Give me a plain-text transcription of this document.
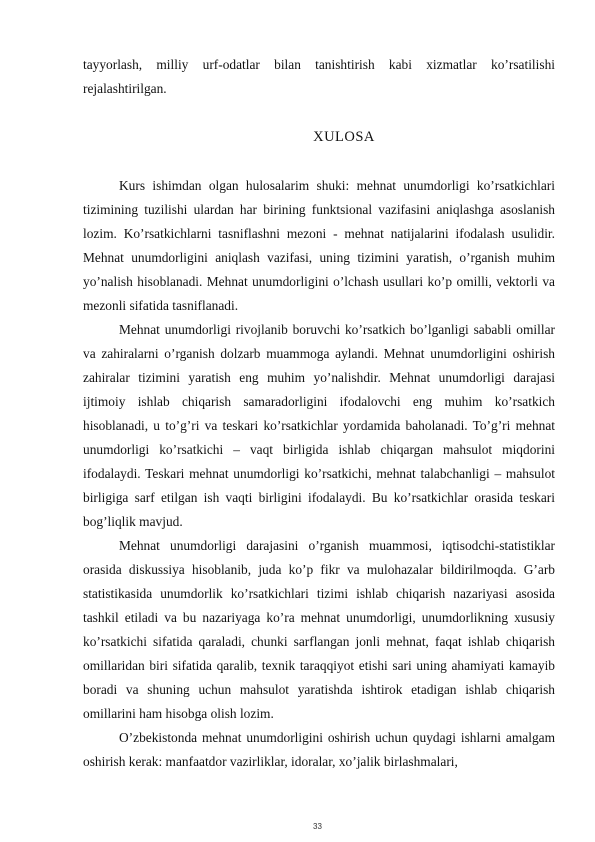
tayyorlash, milliy urf-odatlar bilan tanishtirish kabi xizmatlar ko’rsatilishi rejalashtirilgan.

XULOSA

Kurs ishimdan olgan hulosalarim shuki: mehnat unumdorligi ko’rsatkichlari tizimining tuzilishi ulardan har birining funktsional vazifasini aniqlashga asoslanish lozim. Ko’rsatkichlarni tasniflashni mezoni - mehnat natijalarini ifodalash usulidir. Mehnat unumdorligini aniqlash vazifasi, uning tizimini yaratish, o’rganish muhim yo’nalish hisoblanadi. Mehnat unumdorligini o’lchash usullari ko’p omilli, vektorli va mezonli sifatida tasniflanadi.

Mehnat unumdorligi rivojlanib boruvchi ko’rsatkich bo’lganligi sababli omillar va zahiralarni o’rganish dolzarb muammoga aylandi. Mehnat unumdorligini oshirish zahiralar tizimini yaratish eng muhim yo’nalishdir. Mehnat unumdorligi darajasi ijtimoiy ishlab chiqarish samaradorligini ifodalovchi eng muhim ko’rsatkich hisoblanadi, u to’g’ri va teskari ko’rsatkichlar yordamida baholanadi. To’g’ri mehnat unumdorligi ko’rsatkichi – vaqt birligida ishlab chiqargan mahsulot miqdorini ifodalaydi. Teskari mehnat unumdorligi ko’rsatkichi, mehnat talabchanligi – mahsulot birligiga sarf etilgan ish vaqti birligini ifodalaydi. Bu ko’rsatkichlar orasida teskari bog’liqlik mavjud.

Mehnat unumdorligi darajasini o’rganish muammosi, iqtisodchi-statistiklar orasida diskussiya hisoblanib, juda ko’p fikr va mulohazalar bildirilmoqda. G’arb statistikasida unumdorlik ko’rsatkichlari tizimi ishlab chiqarish nazariyasi asosida tashkil etiladi va bu nazariyaga ko’ra mehnat unumdorligi, unumdorlikning xususiy ko’rsatkichi sifatida qaraladi, chunki sarflangan jonli mehnat, faqat ishlab chiqarish omillaridan biri sifatida qaralib, texnik taraqqiyot etishi sari uning ahamiyati kamayib boradi va shuning uchun mahsulot yaratishda ishtirok etadigan ishlab chiqarish omillarini ham hisobga olish lozim.

O’zbekistonda mehnat unumdorligini oshirish uchun quydagi ishlarni amalgam oshirish kerak: manfaatdor vazirliklar, idoralar, xo’jalik birlashmalari,

33
